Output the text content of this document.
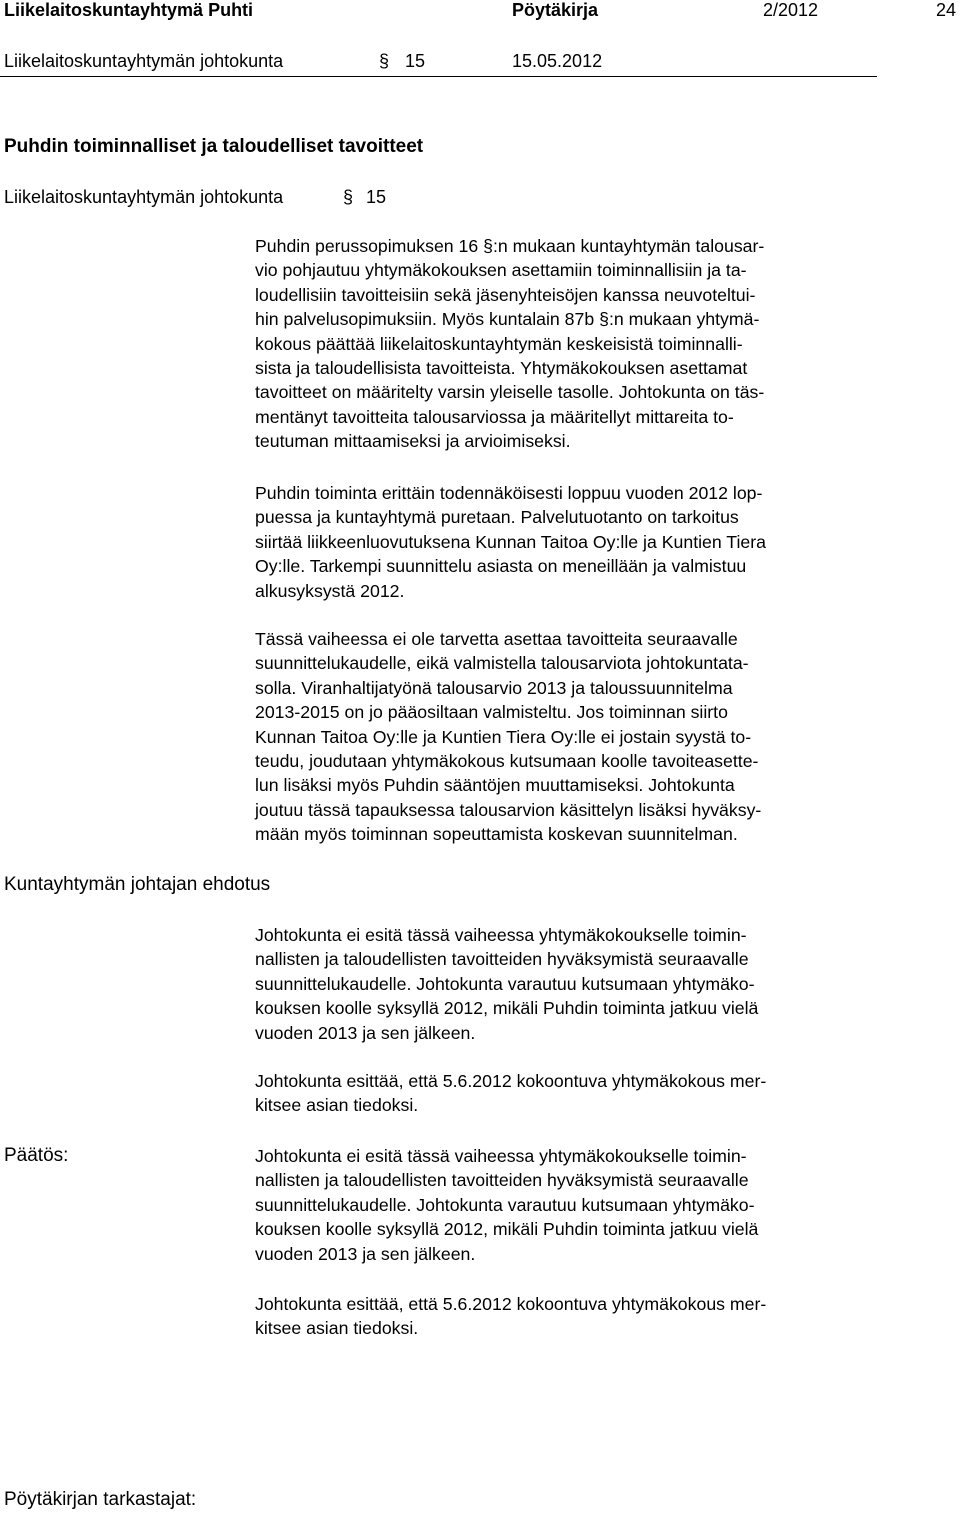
Liikelaitoskuntayhtymä Puhti	Pöytäkirja	2/2012	24
Liikelaitoskuntayhtymän johtokunta	§ 15	15.05.2012
Puhdin toiminnalliset ja taloudelliset tavoitteet
Liikelaitoskuntayhtymän johtokunta	§ 15
Puhdin perussopimuksen 16 §:n mukaan kuntayhtymän talousar-
vio pohjautuu yhtymäkokouksen asettamiin toiminnallisiin ja ta-
loudellisiin tavoitteisiin sekä jäsenyhteisöjen kanssa neuvoteltui-
hin palvelusopimuksiin. Myös kuntalain 87b §:n mukaan yhtymä-
kokous päättää liikelaitoskuntayhtymän keskeisistä toiminnalli-
sista ja taloudellisista tavoitteista. Yhtymäkokouksen asettamat
tavoitteet on määritelty varsin yleiselle tasolle. Johtokunta on täs-
mentänyt tavoitteita talousarviossa ja määritellyt mittareita to-
teutuman mittaamiseksi ja arvioimiseksi.
Puhdin toiminta erittäin todennäköisesti loppuu vuoden 2012 lop-
puessa ja kuntayhtymä puretaan. Palvelutuotanto on tarkoitus
siirtää liikkeenluovutuksena Kunnan Taitoa Oy:lle ja Kuntien Tiera
Oy:lle. Tarkempi suunnittelu asiasta on meneillään ja valmistuu
alkusyksystä 2012.
Tässä vaiheessa ei ole tarvetta asettaa tavoitteita seuraavalle
suunnittelukaudelle, eikä valmistella talousarviota johtokuntata-
solla. Viranhaltijatyönä talousarvio 2013 ja taloussuunnitelma
2013-2015 on jo pääosiltaan valmisteltu. Jos toiminnan siirto
Kunnan Taitoa Oy:lle ja Kuntien Tiera Oy:lle ei jostain syystä to-
teudu, joudutaan yhtymäkokous kutsumaan koolle tavoiteasette-
lun lisäksi myös Puhdin sääntöjen muuttamiseksi. Johtokunta
joutuu tässä tapauksessa talousarvion käsittelyn lisäksi hyväksy-
mään myös toiminnan sopeuttamista koskevan suunnitelman.
Kuntayhtymän johtajan ehdotus
Johtokunta ei esitä tässä vaiheessa yhtymäkokoukselle toimin-
nallisten ja taloudellisten tavoitteiden hyväksymistä seuraavalle
suunnittelukaudelle. Johtokunta varautuu kutsumaan yhtymäko-
kouksen koolle syksyllä 2012, mikäli Puhdin toiminta jatkuu vielä
vuoden 2013 ja sen jälkeen.
Johtokunta esittää, että 5.6.2012 kokoontuva yhtymäkokous mer-
kitsee asian tiedoksi.
Päätös:	Johtokunta ei esitä tässä vaiheessa yhtymäkokoukselle toimin-
nallisten ja taloudellisten tavoitteiden hyväksymistä seuraavalle
suunnittelukaudelle. Johtokunta varautuu kutsumaan yhtymäko-
kouksen koolle syksyllä 2012, mikäli Puhdin toiminta jatkuu vielä
vuoden 2013 ja sen jälkeen.
Johtokunta esittää, että 5.6.2012 kokoontuva yhtymäkokous mer-
kitsee asian tiedoksi.
Pöytäkirjan tarkastajat:
